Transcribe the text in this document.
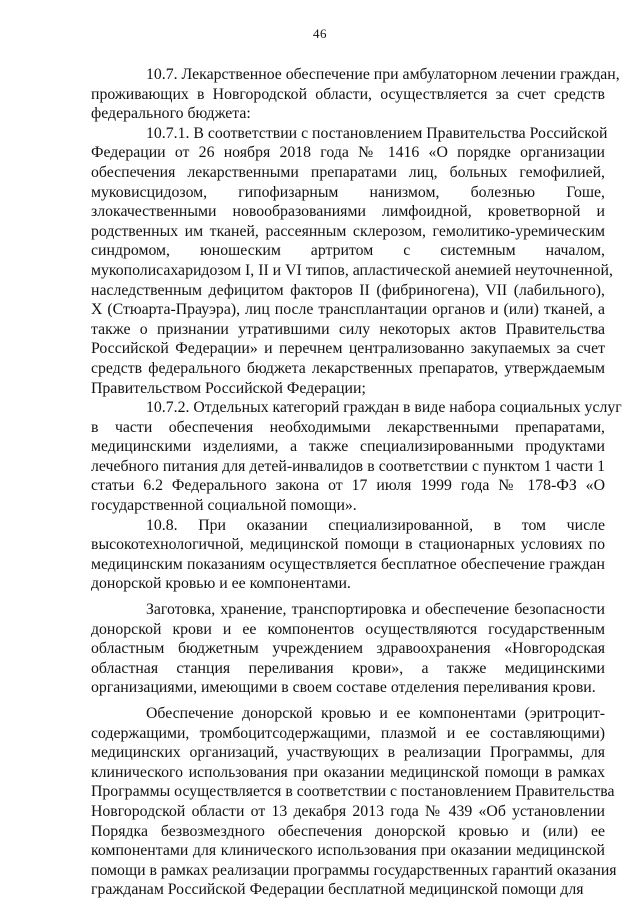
46
10.7. Лекарственное обеспечение при амбулаторном лечении граждан,
проживающих в Новгородской области, осуществляется за счет средств
федерального бюджета:
10.7.1. В соответствии с постановлением Правительства Российской
Федерации от 26 ноября 2018 года № 1416 «О порядке организации
обеспечения лекарственными препаратами лиц, больных гемофилией,
муковисцидозом, гипофизарным нанизмом, болезнью Гоше,
злокачественными новообразованиями лимфоидной, кроветворной и
родственных им тканей, рассеянным склерозом, гемолитико-уремическим
синдромом, юношеским артритом с системным началом,
мукополисахаридозом I, II и VI типов, апластической анемией неуточненной,
наследственным дефицитом факторов II (фибриногена), VII (лабильного),
X (Стюарта-Прауэра), лиц после трансплантации органов и (или) тканей, а
также о признании утратившими силу некоторых актов Правительства
Российской Федерации» и перечнем централизованно закупаемых за счет
средств федерального бюджета лекарственных препаратов, утверждаемым
Правительством Российской Федерации;
10.7.2. Отдельных категорий граждан в виде набора социальных услуг
в части обеспечения необходимыми лекарственными препаратами,
медицинскими изделиями, а также специализированными продуктами
лечебного питания для детей-инвалидов в соответствии с пунктом 1 части 1
статьи 6.2 Федерального закона от 17 июля 1999 года № 178-ФЗ «О
государственной социальной помощи».
10.8. При оказании специализированной, в том числе
высокотехнологичной, медицинской помощи в стационарных условиях по
медицинским показаниям осуществляется бесплатное обеспечение граждан
донорской кровью и ее компонентами.
Заготовка, хранение, транспортировка и обеспечение безопасности
донорской крови и ее компонентов осуществляются государственным
областным бюджетным учреждением здравоохранения «Новгородская
областная станция переливания крови», а также медицинскими
организациями, имеющими в своем составе отделения переливания крови.
Обеспечение донорской кровью и ее компонентами (эритроцит-
содержащими, тромбоцитсодержащими, плазмой и ее составляющими)
медицинских организаций, участвующих в реализации Программы, для
клинического использования при оказании медицинской помощи в рамках
Программы осуществляется в соответствии с постановлением Правительства
Новгородской области от 13 декабря 2013 года № 439 «Об установлении
Порядка безвозмездного обеспечения донорской кровью и (или) ее
компонентами для клинического использования при оказании медицинской
помощи в рамках реализации программы государственных гарантий оказания
гражданам Российской Федерации бесплатной медицинской помощи для
